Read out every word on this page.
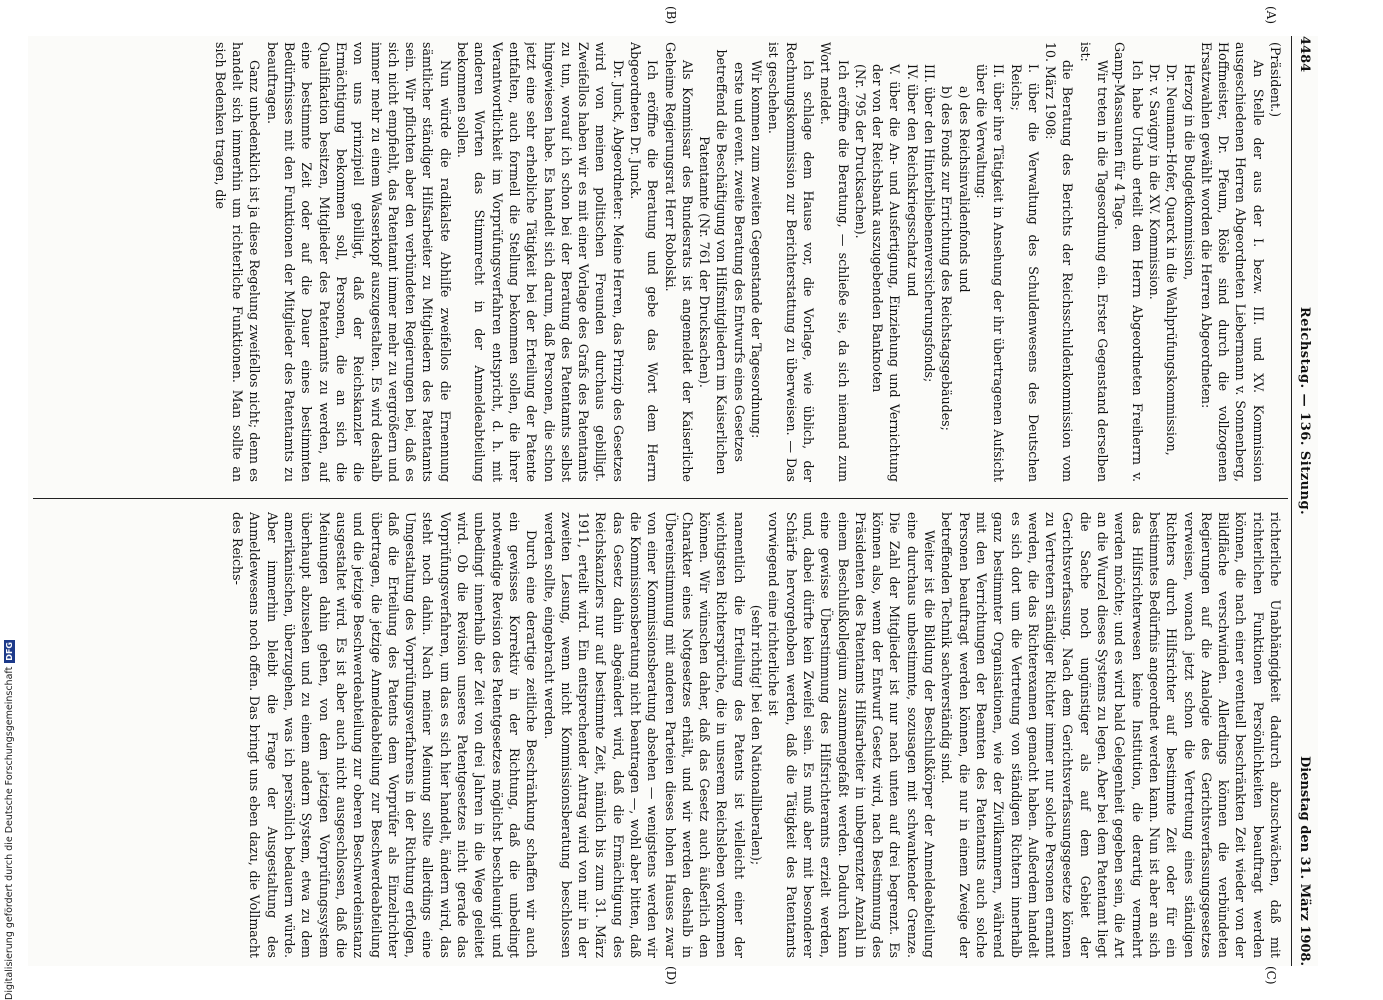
4484
Reichstag. — 136. Sitzung.
Dienstag den 31. März 1908.
(A)
(B)
(C)
(D)

(Präsident.)

An Stelle der aus der I. bezw. III. und XV. Kommission ausgeschiedenen Herren Abgeordneten Liebermann v. Sonnenberg, Hoffmeister, Dr. Pfeum, Rösle sind durch die vollzogenen Ersatzwahlen gewählt worden die Herren Abgeordneten:

Herzog in die Budgetkommission,

Dr. Neumann-Hofer, Quarck in die Wahlprüfungskommission,

Dr. v. Savigny in die XV. Kommission.

Ich habe Urlaub erteilt dem Herrn Abgeordneten Freiherrn v. Gamp-Massaunen für 4 Tage.

Wir treten in die Tagesordnung ein. Erster Gegenstand derselben ist:

die Beratung des Berichts der Reichsschuldenkommission vom 10. März 1908:

I. über die Verwaltung des Schuldenwesens des Deutschen Reichs;

II. über ihre Tätigkeit in Ansehung der ihr übertragenen Aufsicht über die Verwaltung:

a) des Reichsinvalidenfonds und

b) des Fonds zur Errichtung des Reichstagsgebäudes;

III. über den Hinterbliebenenversicherungsfonds;

IV. über den Reichskriegsschatz und

V. über die An- und Ausfertigung, Einziehung und Vernichtung der von der Reichsbank auszugebenden Banknoten

(Nr. 795 der Drucksachen).

Ich eröffne die Beratung, — schließe sie, da sich niemand zum Wort meldet.

Ich schlage dem Hause vor, die Vorlage, wie üblich, der Rechnungskommission zur Berichterstattung zu überweisen. — Das ist geschehen.

Wir kommen zum zweiten Gegenstande der Tagesordnung:

erste und event. zweite Beratung des Entwurfs eines Gesetzes betreffend die Beschäftigung von Hilfsmitgliedern im Kaiserlichen Patentamte (Nr. 761 der Drucksachen).

Als Kommissar des Bundesrats ist angemeldet der Kaiserliche Geheime Regierungsrat Herr Robolski.

Ich eröffne die Beratung und gebe das Wort dem Herrn Abgeordneten Dr. Junck.

Dr. Junck, Abgeordneter: Meine Herren, das Prinzip des Gesetzes wird von meinen politischen Freunden durchaus gebilligt. Zweifellos haben wir es mit einer Vorlage des Grafs des Patentamts zu tun, worauf ich schon bei der Beratung des Patentamts selbst hingewiesen habe. Es handelt sich darum, daß Personen, die schon jetzt eine sehr erhebliche Tätigkeit bei der Erteilung der Patente entfalten, auch formell die Stellung bekommen sollen, die ihrer Verantwortlichkeit im Vorprüfungsverfahren entspricht, d. h. mit anderen Worten das Stimmrecht in der Anmeldeabteilung bekommen sollen.

Nun würde die radikalste Abhilfe zweifellos die Ernennung sämtlicher ständiger Hilfsarbeiter zu Mitgliedern des Patentamts sein. Wir pflichten aber den verbündeten Regierungen bei, daß es sich nicht empfiehlt, das Patentamt immer mehr zu vergrößern und immer mehr zu einem Wasserkopf auszugestalten. Es wird deshalb von uns prinzipiell gebilligt, daß der Reichskanzler die Ermächtigung bekommen soll, Personen, die an sich die Qualifikation besitzen, Mitglieder des Patentamts zu werden, auf eine bestimmte Zeit oder auf die Dauer eines bestimmten Bedürfnisses mit den Funktionen der Mitglieder des Patentamts zu beauftragen.

Ganz unbedenklich ist ja diese Regelung zweifellos nicht; denn es handelt sich immerhin um richterliche Funktionen. Man sollte an sich Bedenken tragen, die

richterliche Unabhängigkeit dadurch abzuschwächen, daß mit richterlichen Funktionen Persönlichkeiten beauftragt werden können, die nach einer eventuell beschränkten Zeit wieder von der Bildfläche verschwinden. Allerdings können die verbündeten Regierungen auf die Analogie des Gerichtsverfassungsgesetzes verweisen, wonach jetzt schon die Vertretung eines ständigen Richters durch Hilfsrichter auf bestimmte Zeit oder für ein bestimmtes Bedürfnis angeordnet werden kann. Nun ist aber an sich das Hilfsrichterwesen keine Institution, die derartig vermehrt werden möchte; und es wird bald Gelegenheit gegeben sein, die Art an die Wurzel dieses Systems zu legen. Aber bei dem Patentamt liegt die Sache noch ungünstiger als auf dem Gebiet der Gerichtsverfassung. Nach dem Gerichtsverfassungsgesetze können zu Vertretern ständiger Richter immer nur solche Personen ernannt werden, die das Richterexamen gemacht haben. Außerdem handelt es sich dort um die Vertretung von ständigen Richtern innerhalb ganz bestimmter Organisationen, wie der Zivilkammern, während mit den Verrichtungen der Beamten des Patentamts auch solche Personen beauftragt werden können, die nur in einem Zweige der betreffenden Technik sachverständig sind.

Weiter ist die Bildung der Beschlußkörper der Anmeldeabteilung eine durchaus unbestimmte, sozusagen mit schwankender Grenze. Die Zahl der Mitglieder ist nur nach unten auf drei begrenzt. Es können also, wenn der Entwurf Gesetz wird, nach Bestimmung des Präsidenten des Patentamts Hilfsarbeiter in unbegrenzter Anzahl in einem Beschlußkollegium zusammengefaßt werden. Dadurch kann eine gewisse Überstimmung des Hilfsrichteramts erzielt werden, und, dabei dürfte kein Zweifel sein. Es muß aber mit besonderer Schärfe hervorgehoben werden, daß die Tätigkeit des Patentamts vorwiegend eine richterliche ist

(sehr richtig! bei den Nationalliberalen);

namentlich die Erteilung des Patents ist vielleicht einer der wichtigsten Richtersprüche, die in unserem Reichsleben vorkommen können. Wir wünschen daher, daß das Gesetz auch äußerlich den Charakter eines Notgesetzes erhält, und wir werden deshalb in Übereinstimmung mit anderen Parteien dieses hohen Hauses zwar von einer Kommissionsberatung absehen — wenigstens werden wir die Kommissionsberatung nicht beantragen —, wohl aber bitten, daß das Gesetz dahin abgeändert wird, daß die Ermächtigung des Reichskanzlers nur auf bestimmte Zeit, nämlich bis zum 31. März 1911, erteilt wird. Ein entsprechender Antrag wird von mir in der zweiten Lesung, wenn nicht Kommissionsberatung beschlossen werden sollte, eingebracht werden.

Durch eine derartige zeitliche Beschränkung schaffen wir auch ein gewisses Korrektiv in der Richtung, daß die unbedingt notwendige Revision des Patentgesetzes möglichst beschleunigt und unbedingt innerhalb der Zeit von drei Jahren in die Wege geleitet wird. Ob die Revision unseres Patentgesetzes nicht gerade das Vorprüfungsverfahren, um das es sich hier handelt, ändern wird, das steht noch dahin. Nach meiner Meinung sollte allerdings eine Umgestaltung des Vorprüfungsverfahrens in der Richtung erfolgen, daß die Erteilung des Patents dem Vorprüfer als Einzelrichter übertragen, die jetzige Anmeldeabteilung zur Beschwerdeabteilung und die jetzige Beschwerdeabteilung zur oberen Beschwerdeinstanz ausgestaltet wird. Es ist aber auch nicht ausgeschlossen, daß die Meinungen dahin gehen, von dem jetzigen Vorprüfungssystem überhaupt abzusehen und zu einem andern System, etwa zu dem amerikanischen, überzugehen, was ich persönlich bedauern würde. Aber immerhin bleibt die Frage der Ausgestaltung des Anmeldewesens noch offen. Das bringt uns eben dazu, die Vollmacht des Reichs-

Digitalisierung gefördert durch die Deutsche Forschungsgemeinschaft
DFG
